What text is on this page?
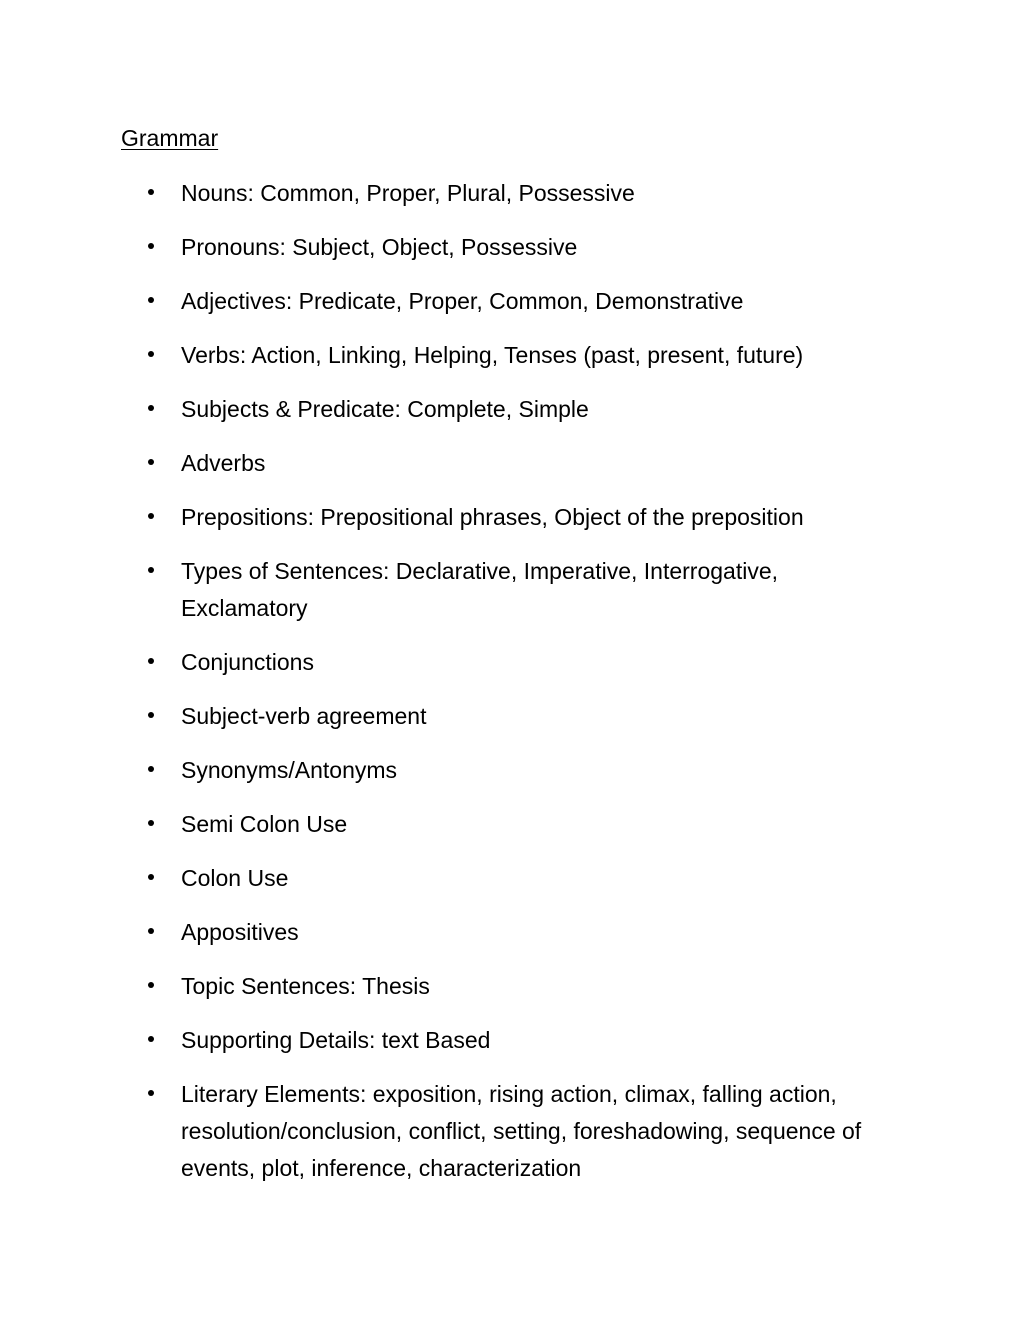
Grammar
Nouns: Common, Proper, Plural, Possessive
Pronouns: Subject, Object, Possessive
Adjectives: Predicate, Proper, Common, Demonstrative
Verbs: Action, Linking, Helping, Tenses (past, present, future)
Subjects & Predicate: Complete, Simple
Adverbs
Prepositions: Prepositional phrases, Object of the preposition
Types of Sentences: Declarative, Imperative, Interrogative, Exclamatory
Conjunctions
Subject-verb agreement
Synonyms/Antonyms
Semi Colon Use
Colon Use
Appositives
Topic Sentences: Thesis
Supporting Details: text Based
Literary Elements: exposition, rising action, climax, falling action, resolution/conclusion, conflict, setting, foreshadowing, sequence of events, plot, inference, characterization
